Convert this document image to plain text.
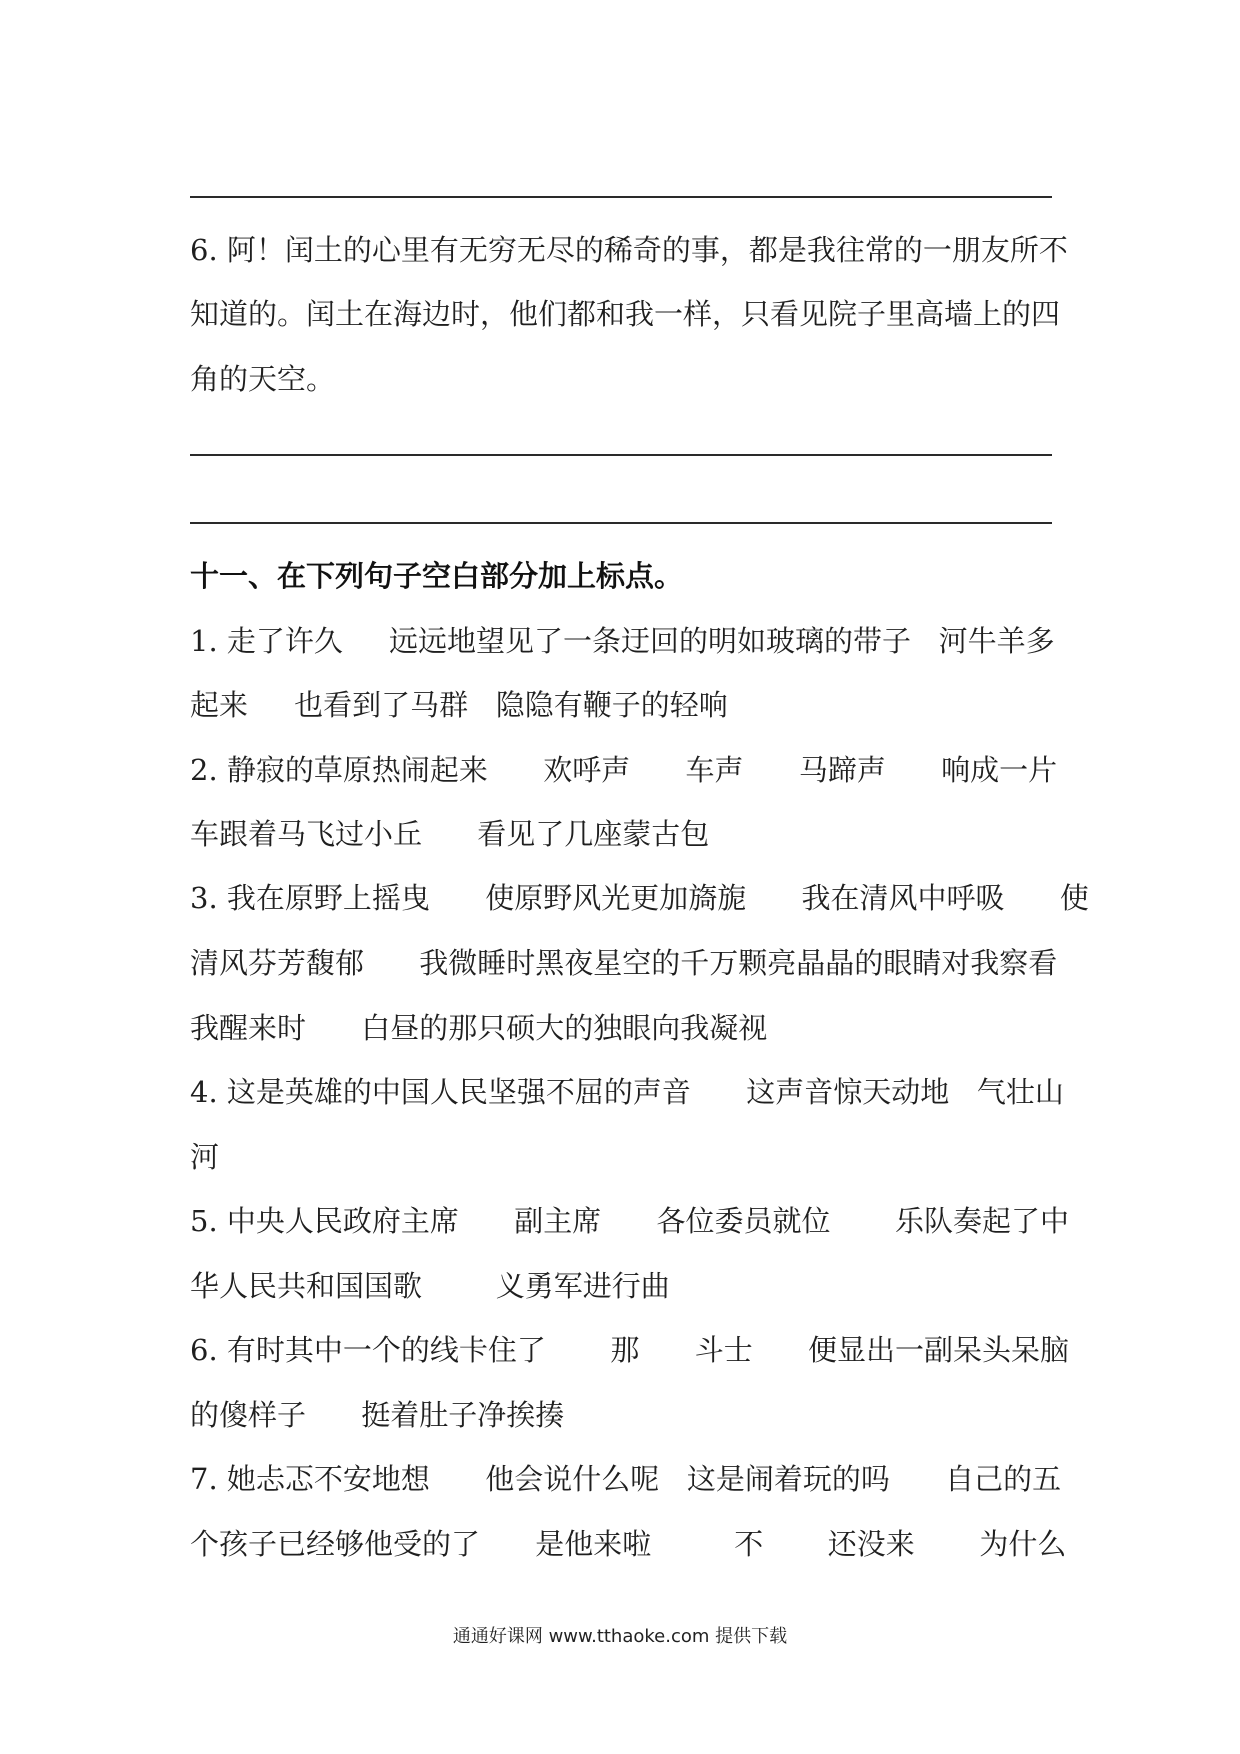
6. 阿！闰土的心里有无穷无尽的稀奇的事，都是我往常的一朋友所不
知道的。闰土在海边时，他们都和我一样，只看见院子里高墙上的四
角的天空。
十一、在下列句子空白部分加上标点。
1. 走了许久     远远地望见了一条迂回的明如玻璃的带子   河牛羊多
起来     也看到了马群   隐隐有鞭子的轻响
2. 静寂的草原热闹起来      欢呼声      车声      马蹄声      响成一片
车跟着马飞过小丘      看见了几座蒙古包
3. 我在原野上摇曳      使原野风光更加旖旎      我在清风中呼吸      使
清风芬芳馥郁      我微睡时黑夜星空的千万颗亮晶晶的眼睛对我察看
我醒来时      白昼的那只硕大的独眼向我凝视
4. 这是英雄的中国人民坚强不屈的声音      这声音惊天动地   气壮山
河
5. 中央人民政府主席      副主席      各位委员就位       乐队奏起了中
华人民共和国国歌        义勇军进行曲
6. 有时其中一个的线卡住了       那      斗士      便显出一副呆头呆脑
的傻样子      挺着肚子净挨揍
7. 她忐忑不安地想      他会说什么呢   这是闹着玩的吗      自己的五
个孩子已经够他受的了      是他来啦         不       还没来       为什么
通通好课网 www.tthaoke.com 提供下载
